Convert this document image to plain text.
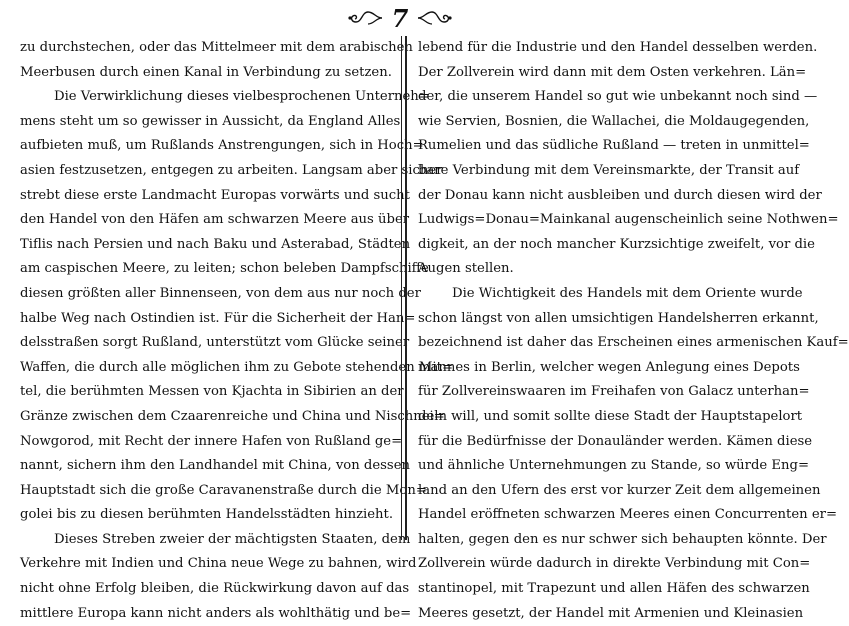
7
zu durchstechen, oder das Mittelmeer mit dem arabischen
Meerbusen durch einen Kanal in Verbindung zu setzen.
Die Verwirklichung dieses vielbesprochenen Unterneh=
mens steht um so gewisser in Aussicht, da England Alles
aufbieten muß, um Rußlands Anstrengungen, sich in Hoch=
asien festzusetzen, entgegen zu arbeiten. Langsam aber sicher
strebt diese erste Landmacht Europas vorwärts und sucht
den Handel von den Häfen am schwarzen Meere aus über
Tiflis nach Persien und nach Baku und Asterabad, Städten
am caspischen Meere, zu leiten; schon beleben Dampfschiffe
diesen größten aller Binnenseen, von dem aus nur noch der
halbe Weg nach Ostindien ist. Für die Sicherheit der Han=
delsstraßen sorgt Rußland, unterstützt vom Glücke seiner
Waffen, die durch alle möglichen ihm zu Gebote stehenden Mit=
tel, die berühmten Messen von Kjachta in Sibirien an der
Gränze zwischen dem Czaarenreiche und China und Nischnei=
Nowgorod, mit Recht der innere Hafen von Rußland ge=
nannt, sichern ihm den Landhandel mit China, von dessen
Hauptstadt sich die große Caravanenstraße durch die Mon=
golei bis zu diesen berühmten Handelsstädten hinzieht.
Dieses Streben zweier der mächtigsten Staaten, dem
Verkehre mit Indien und China neue Wege zu bahnen, wird
nicht ohne Erfolg bleiben, die Rückwirkung davon auf das
mittlere Europa kann nicht anders als wohlthätig und be=
lebend für die Industrie und den Handel desselben werden.
Der Zollverein wird dann mit dem Osten verkehren. Län=
der, die unserem Handel so gut wie unbekannt noch sind —
wie Servien, Bosnien, die Wallachei, die Moldaugegenden,
Rumelien und das südliche Rußland — treten in unmittel=
bare Verbindung mit dem Vereinsmarkte, der Transit auf
der Donau kann nicht ausbleiben und durch diesen wird der
Ludwigs=Donau=Mainkanal augenscheinlich seine Nothwen=
digkeit, an der noch mancher Kurzsichtige zweifelt, vor die
Augen stellen.
Die Wichtigkeit des Handels mit dem Oriente wurde
schon längst von allen umsichtigen Handelsherren erkannt,
bezeichnend ist daher das Erscheinen eines armenischen Kauf=
mannes in Berlin, welcher wegen Anlegung eines Depots
für Zollvereinswaaren im Freihafen von Galacz unterhan=
deln will, und somit sollte diese Stadt der Hauptstapelort
für die Bedürfnisse der Donauländer werden. Kämen diese
und ähnliche Unternehmungen zu Stande, so würde Eng=
land an den Ufern des erst vor kurzer Zeit dem allgemeinen
Handel eröffneten schwarzen Meeres einen Concurrenten er=
halten, gegen den es nur schwer sich behaupten könnte. Der
Zollverein würde dadurch in direkte Verbindung mit Con=
stantinopel, mit Trapezunt und allen Häfen des schwarzen
Meeres gesetzt, der Handel mit Armenien und Kleinasien
